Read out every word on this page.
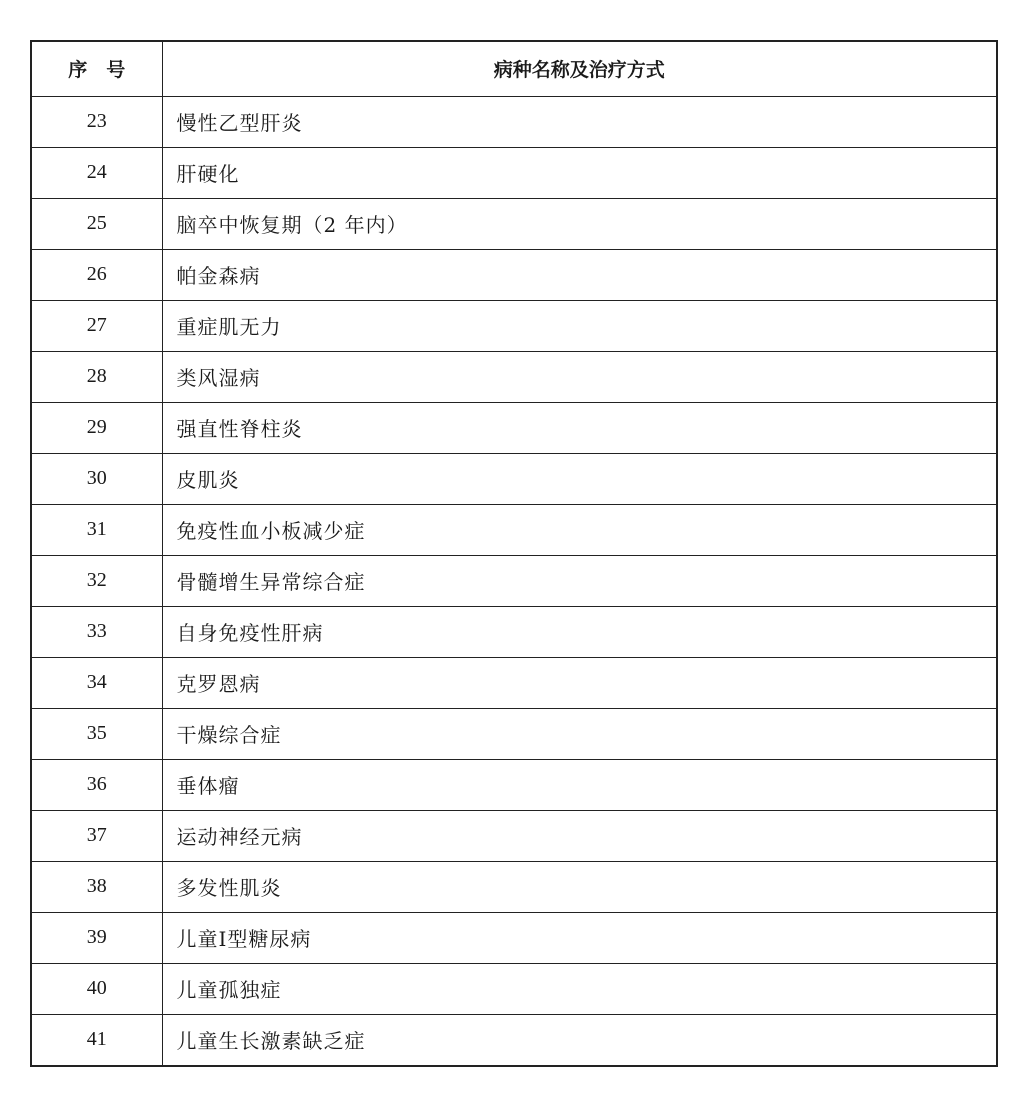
序　号	病种名称及治疗方式
23	慢性乙型肝炎
24	肝硬化
25	脑卒中恢复期（2 年内）
26	帕金森病
27	重症肌无力
28	类风湿病
29	强直性脊柱炎
30	皮肌炎
31	免疫性血小板减少症
32	骨髓增生异常综合症
33	自身免疫性肝病
34	克罗恩病
35	干燥综合症
36	垂体瘤
37	运动神经元病
38	多发性肌炎
39	儿童Ⅰ型糖尿病
40	儿童孤独症
41	儿童生长激素缺乏症
